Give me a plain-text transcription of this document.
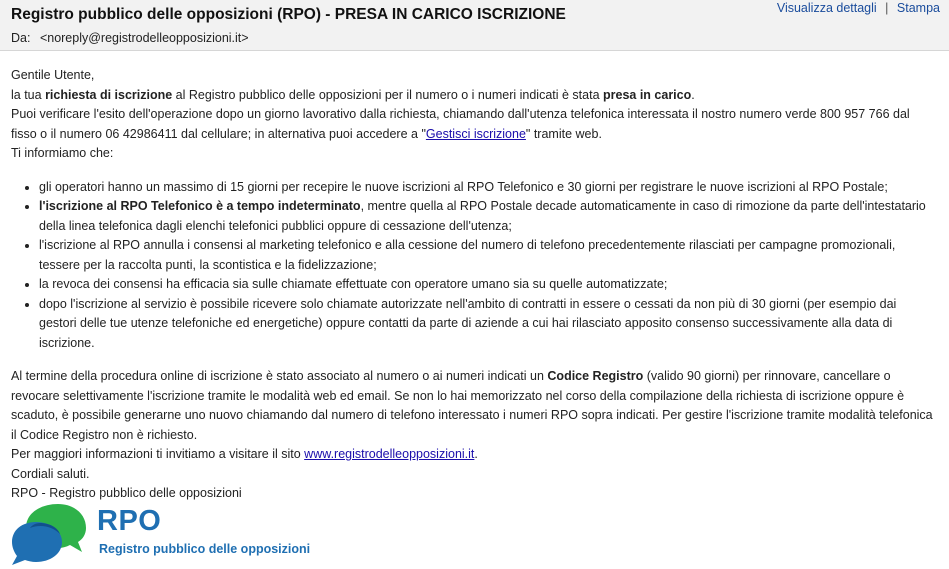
Registro pubblico delle opposizioni (RPO) - PRESA IN CARICO ISCRIZIONE
Da: <noreply@registrodelleopposizioni.it>
Visualizza dettagli | Stampa

Gentile Utente,

la tua richiesta di iscrizione al Registro pubblico delle opposizioni per il numero o i numeri indicati è stata presa in carico.

Puoi verificare l'esito dell'operazione dopo un giorno lavorativo dalla richiesta, chiamando dall'utenza telefonica interessata il nostro numero verde 800 957 766 dal fisso o il numero 06 42986411 dal cellulare; in alternativa puoi accedere a "Gestisci iscrizione" tramite web.

Ti informiamo che:

• gli operatori hanno un massimo di 15 giorni per recepire le nuove iscrizioni al RPO Telefonico e 30 giorni per registrare le nuove iscrizioni al RPO Postale;
• l'iscrizione al RPO Telefonico è a tempo indeterminato, mentre quella al RPO Postale decade automaticamente in caso di rimozione da parte dell'intestatario della linea telefonica dagli elenchi telefonici pubblici oppure di cessazione dell'utenza;
• l'iscrizione al RPO annulla i consensi al marketing telefonico e alla cessione del numero di telefono precedentemente rilasciati per campagne promozionali, tessere per la raccolta punti, la scontistica e la fidelizzazione;
• la revoca dei consensi ha efficacia sia sulle chiamate effettuate con operatore umano sia su quelle automatizzate;
• dopo l'iscrizione al servizio è possibile ricevere solo chiamate autorizzate nell'ambito di contratti in essere o cessati da non più di 30 giorni (per esempio dai gestori delle tue utenze telefoniche ed energetiche) oppure contatti da parte di aziende a cui hai rilasciato apposito consenso successivamente alla data di iscrizione.

Al termine della procedura online di iscrizione è stato associato al numero o ai numeri indicati un Codice Registro (valido 90 giorni) per rinnovare, cancellare o revocare selettivamente l'iscrizione tramite le modalità web ed email. Se non lo hai memorizzato nel corso della compilazione della richiesta di iscrizione oppure è scaduto, è possibile generarne uno nuovo chiamando dal numero di telefono interessato i numeri RPO sopra indicati. Per gestire l'iscrizione tramite modalità telefonica il Codice Registro non è richiesto.

Per maggiori informazioni ti invitiamo a visitare il sito www.registrodelleopposizioni.it.

Cordiali saluti.

RPO - Registro pubblico delle opposizioni

RPO
Registro pubblico delle opposizioni
